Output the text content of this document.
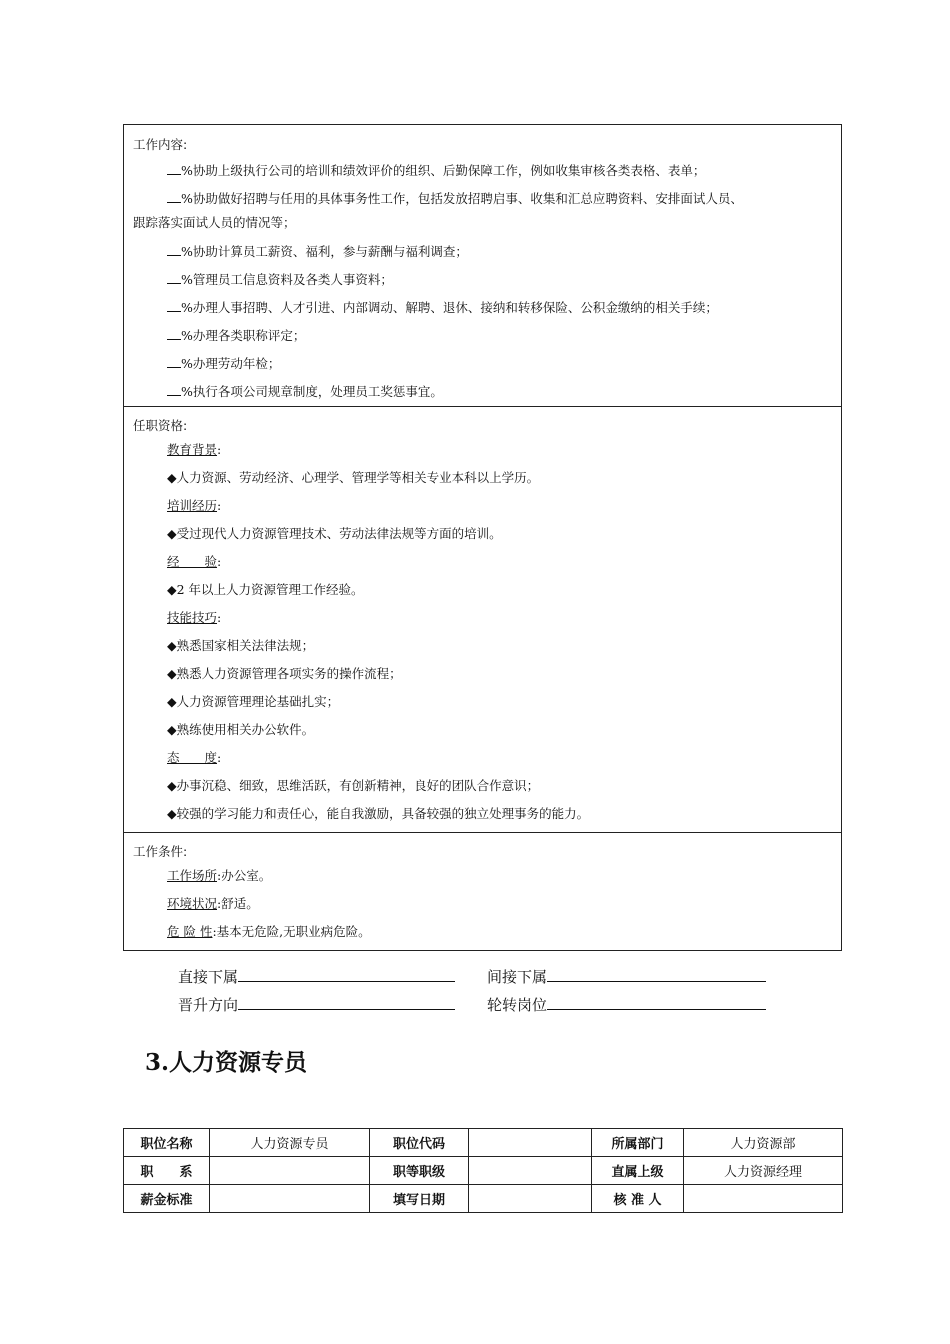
工作内容:
%协助上级执行公司的培训和绩效评价的组织、后勤保障工作，例如收集审核各类表格、表单；
%协助做好招聘与任用的具体事务性工作，包括发放招聘启事、收集和汇总应聘资料、安排面试人员、
跟踪落实面试人员的情况等；
%协助计算员工薪资、福利，参与薪酬与福利调查；
%管理员工信息资料及各类人事资料；
%办理人事招聘、人才引进、内部调动、解聘、退休、接纳和转移保险、公积金缴纳的相关手续；
%办理各类职称评定；
%办理劳动年检；
%执行各项公司规章制度，处理员工奖惩事宜。
任职资格:
教育背景:
◆人力资源、劳动经济、心理学、管理学等相关专业本科以上学历。
培训经历:
◆受过现代人力资源管理技术、劳动法律法规等方面的培训。
经　　验:
◆2 年以上人力资源管理工作经验。
技能技巧:
◆熟悉国家相关法律法规；
◆熟悉人力资源管理各项实务的操作流程；
◆人力资源管理理论基础扎实；
◆熟练使用相关办公软件。
态　　度:
◆办事沉稳、细致，思维活跃，有创新精神，良好的团队合作意识；
◆较强的学习能力和责任心，能自我激励，具备较强的独立处理事务的能力。
工作条件:
工作场所:办公室。
环境状况:舒适。
危 险 性:基本无危险,无职业病危险。
直接下属	间接下属
晋升方向	轮转岗位
3.人力资源专员
职位名称	人力资源专员	职位代码		所属部门	人力资源部
职　　系		职等职级		直属上级	人力资源经理
薪金标准		填写日期		核 准 人	
